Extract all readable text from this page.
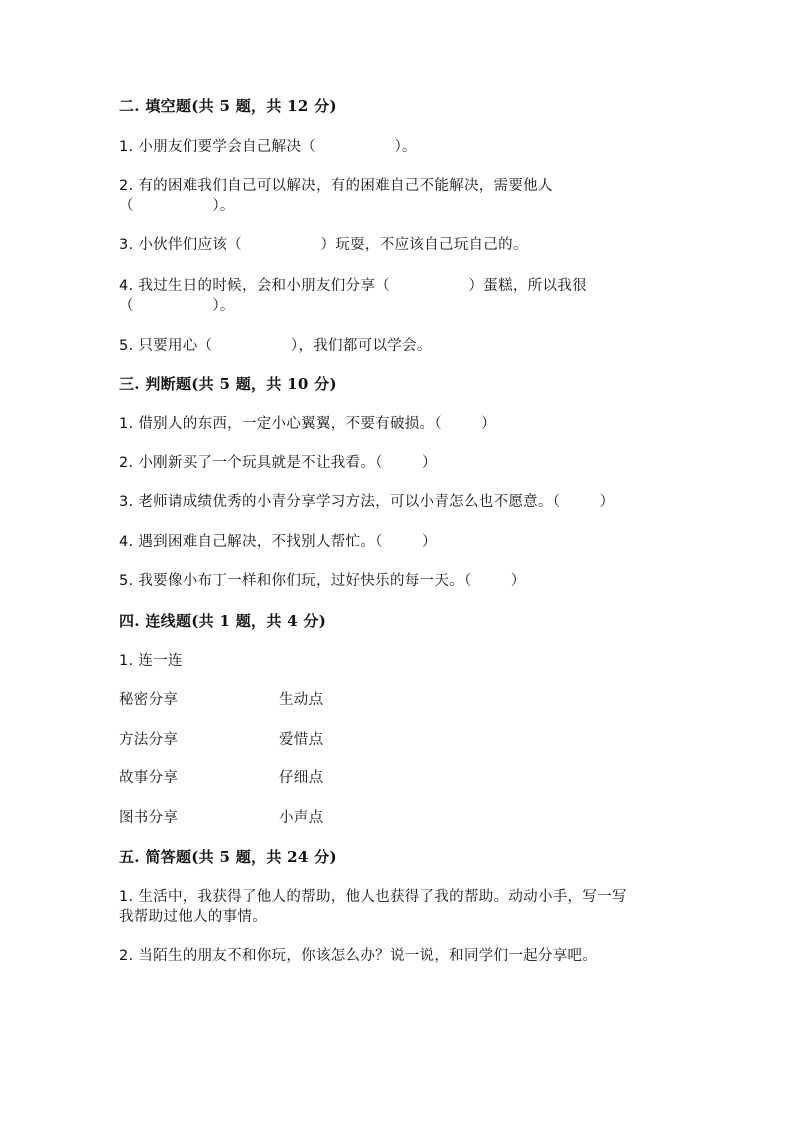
二. 填空题(共 5 题，共 12 分)
1. 小朋友们要学会自己解决（                ）。
2. 有的困难我们自己可以解决，有的困难自己不能解决，需要他人
（                ）。
3. 小伙伴们应该（                ）玩耍，不应该自己玩自己的。
4. 我过生日的时候，会和小朋友们分享（                ）蛋糕，所以我很
（                ）。
5. 只要用心（                ），我们都可以学会。
三. 判断题(共 5 题，共 10 分)
1. 借别人的东西，一定小心翼翼，不要有破损。（        ）
2. 小刚新买了一个玩具就是不让我看。（        ）
3. 老师请成绩优秀的小青分享学习方法，可以小青怎么也不愿意。（        ）
4. 遇到困难自己解决，不找别人帮忙。（        ）
5. 我要像小布丁一样和你们玩，过好快乐的每一天。（        ）
四. 连线题(共 1 题，共 4 分)
1. 连一连
秘密分享	生动点
方法分享	爱惜点
故事分享	仔细点
图书分享	小声点
五. 简答题(共 5 题，共 24 分)
1. 生活中，我获得了他人的帮助，他人也获得了我的帮助。动动小手，写一写
我帮助过他人的事情。
2. 当陌生的朋友不和你玩，你该怎么办？说一说，和同学们一起分享吧。
